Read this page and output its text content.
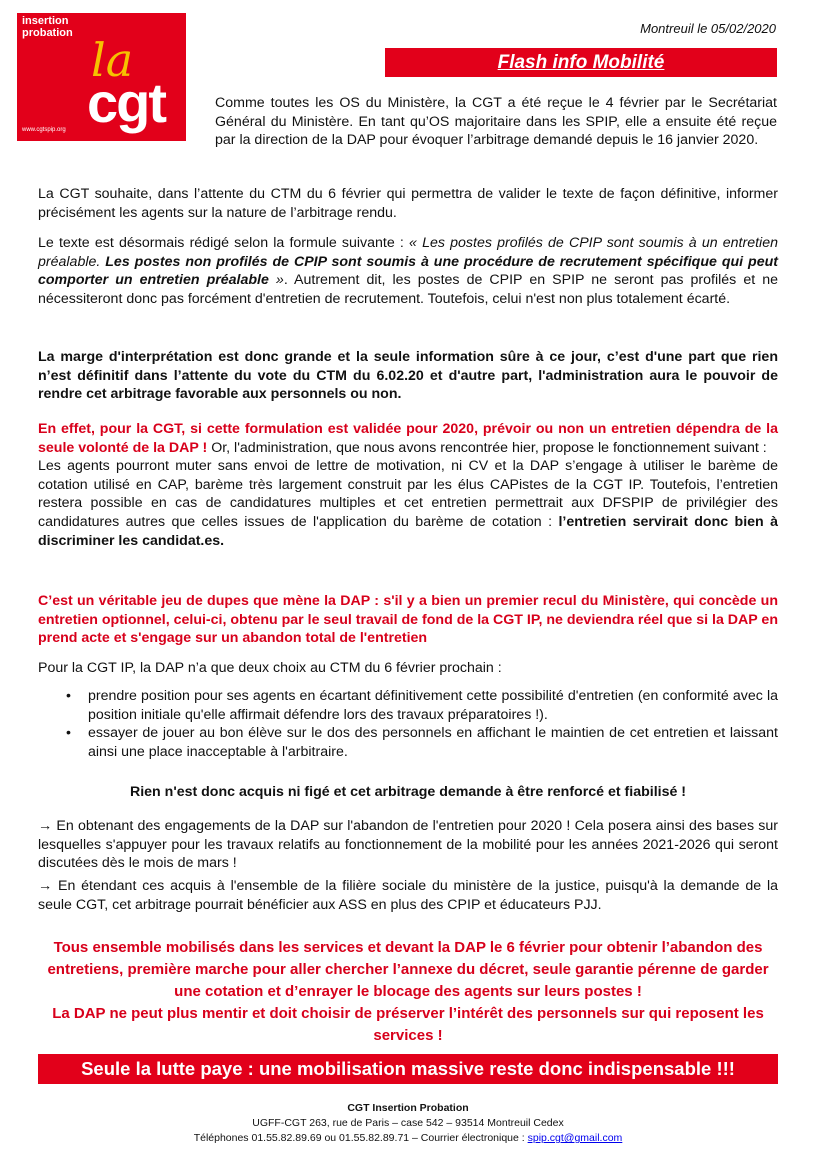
insertion
probation la
cgt
www.cgtspip.org
Montreuil le 05/02/2020
Flash info Mobilité

Comme toutes les OS du Ministère, la CGT a été reçue le 4 février par le Secrétariat Général du Ministère. En tant qu’OS majoritaire dans les SPIP, elle a ensuite été reçue par la direction de la DAP pour évoquer l’arbitrage demandé depuis le 16 janvier 2020.

La CGT souhaite, dans l’attente du CTM du 6 février qui permettra de valider le texte de façon définitive, informer précisément les agents sur la nature de l’arbitrage rendu.

Le texte est désormais rédigé selon la formule suivante : « Les postes profilés de CPIP sont soumis à un entretien préalable. Les postes non profilés de CPIP sont soumis à une procédure de recrutement spécifique qui peut comporter un entretien préalable ». Autrement dit, les postes de CPIP en SPIP ne seront pas profilés et ne nécessiteront donc pas forcément d'entretien de recrutement. Toutefois, celui n'est non plus totalement écarté.

La marge d'interprétation est donc grande et la seule information sûre à ce jour, c’est d'une part que rien n’est définitif dans l’attente du vote du CTM du 6.02.20 et d'autre part, l'administration aura le pouvoir de rendre cet arbitrage favorable aux personnels ou non.

En effet, pour la CGT, si cette formulation est validée pour 2020, prévoir ou non un entretien dépendra de la seule volonté de la DAP ! Or, l'administration, que nous avons rencontrée hier, propose le fonctionnement suivant :
Les agents pourront muter sans envoi de lettre de motivation, ni CV et la DAP s’engage à utiliser le barème de cotation utilisé en CAP, barème très largement construit par les élus CAPistes de la CGT IP. Toutefois, l’entretien restera possible en cas de candidatures multiples et cet entretien permettrait aux DFSPIP de privilégier des candidatures autres que celles issues de l'application du barème de cotation : l’entretien servirait donc bien à discriminer les candidat.es.

C’est un véritable jeu de dupes que mène la DAP : s'il y a bien un premier recul du Ministère, qui concède un entretien optionnel, celui-ci, obtenu par le seul travail de fond de la CGT IP, ne deviendra réel que si la DAP en prend acte et s'engage sur un abandon total de l'entretien

Pour la CGT IP, la DAP n’a que deux choix au CTM du 6 février prochain :

• prendre position pour ses agents en écartant définitivement cette possibilité d'entretien (en conformité avec la position initiale qu'elle affirmait défendre lors des travaux préparatoires !).
• essayer de jouer au bon élève sur le dos des personnels en affichant le maintien de cet entretien et laissant ainsi une place inacceptable à l'arbitraire.

Rien n'est donc acquis ni figé et cet arbitrage demande à être renforcé et fiabilisé !

→ En obtenant des engagements de la DAP sur l'abandon de l'entretien pour 2020 ! Cela posera ainsi des bases sur lesquelles s'appuyer pour les travaux relatifs au fonctionnement de la mobilité pour les années 2021-2026 qui seront discutées dès le mois de mars !

→ En étendant ces acquis à l'ensemble de la filière sociale du ministère de la justice, puisqu'à la demande de la seule CGT, cet arbitrage pourrait bénéficier aux ASS en plus des CPIP et éducateurs PJJ.

Tous ensemble mobilisés dans les services et devant la DAP le 6 février pour obtenir l’abandon des entretiens, première marche pour aller chercher l’annexe du décret, seule garantie pérenne de garder une cotation et d’enrayer le blocage des agents sur leurs postes !
La DAP ne peut plus mentir et doit choisir de préserver l’intérêt des personnels sur qui reposent les services !
Seule la lutte paye : une mobilisation massive reste donc indispensable !!!
CGT Insertion Probation
UGFF-CGT 263, rue de Paris – case 542 – 93514 Montreuil Cedex
Téléphones 01.55.82.89.69 ou 01.55.82.89.71 – Courrier électronique : spip.cgt@gmail.com
